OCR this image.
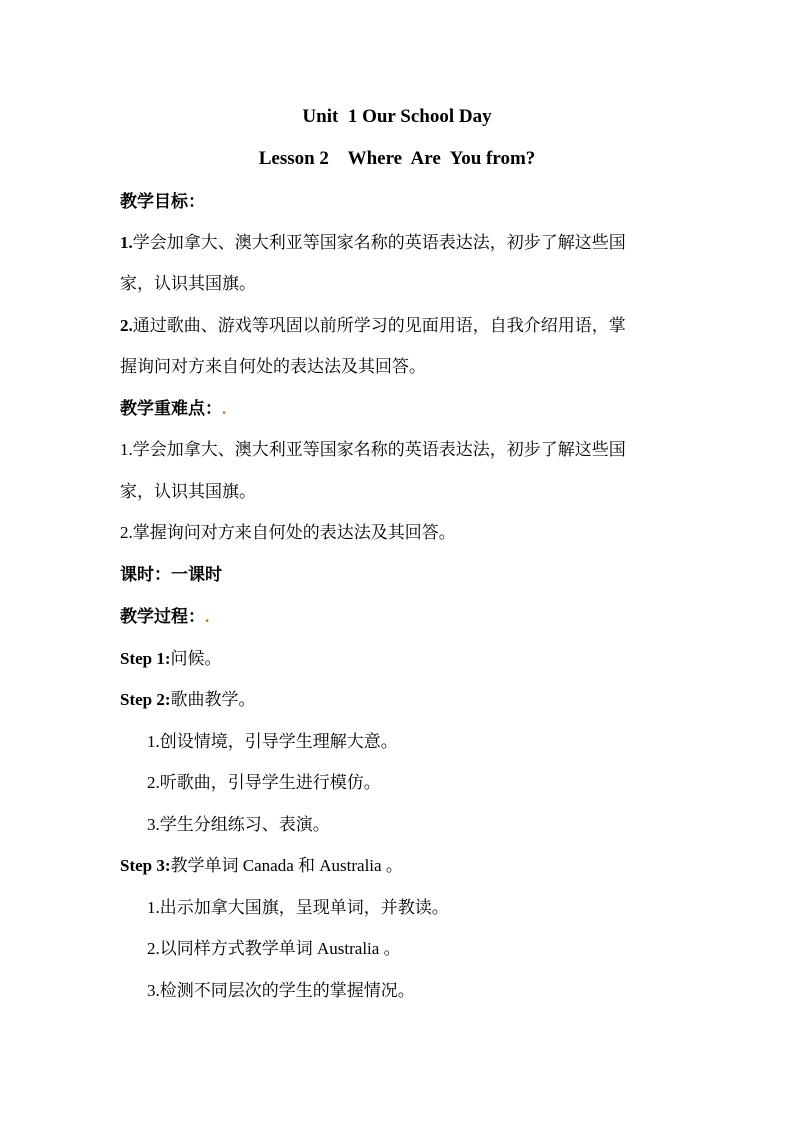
Unit  1 Our School Day
Lesson 2    Where  Are  You from?
教学目标：
1.学会加拿大、澳大利亚等国家名称的英语表达法，初步了解这些国
家，认识其国旗。
2.通过歌曲、游戏等巩固以前所学习的见面用语，自我介绍用语，掌
握询问对方来自何处的表达法及其回答。
教学重难点：.
1.学会加拿大、澳大利亚等国家名称的英语表达法，初步了解这些国
家，认识其国旗。
2.掌握询问对方来自何处的表达法及其回答。
课时：一课时
教学过程：.
Step 1:问候。
Step 2:歌曲教学。
1.创设情境，引导学生理解大意。
2.听歌曲，引导学生进行模仿。
3.学生分组练习、表演。
Step 3:教学单词 Canada 和 Australia 。
1.出示加拿大国旗，呈现单词，并教读。
2.以同样方式教学单词 Australia 。
3.检测不同层次的学生的掌握情况。
